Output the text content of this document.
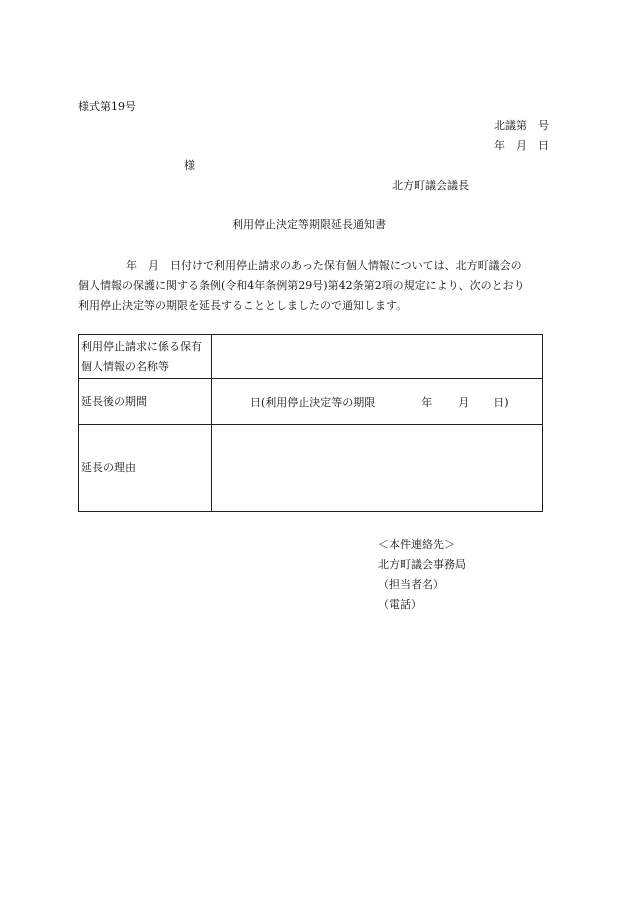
様式第19号
北議第　号
年　月　日
様
北方町議会議長
利用停止決定等期限延長通知書
年　月　日付けで利用停止請求のあった保有個人情報については、北方町議会の
個人情報の保護に関する条例(令和4年条例第29号)第42条第2項の規定により、次のとおり
利用停止決定等の期限を延長することとしましたので通知します。
利用停止請求に係る保有
個人情報の名称等	

延長後の期間	日(利用停止決定等の期限 年 月 日)
延長の理由	
＜本件連絡先＞
北方町議会事務局
（担当者名）
（電話）
